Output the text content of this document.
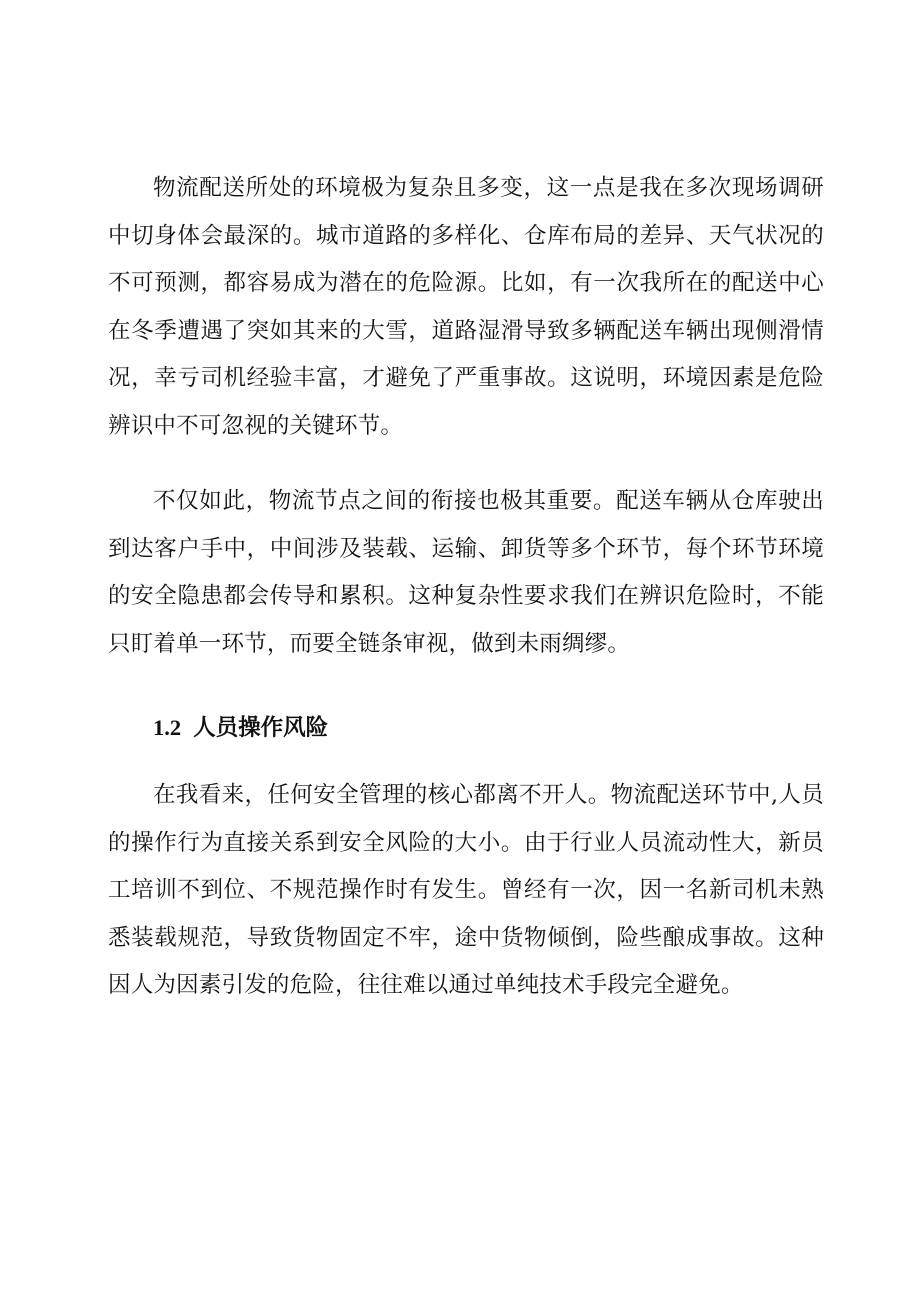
物流配送所处的环境极为复杂且多变，这一点是我在多次现场调研中切身体会最深的。城市道路的多样化、仓库布局的差异、天气状况的不可预测，都容易成为潜在的危险源。比如，有一次我所在的配送中心在冬季遭遇了突如其来的大雪，道路湿滑导致多辆配送车辆出现侧滑情况，幸亏司机经验丰富，才避免了严重事故。这说明，环境因素是危险辨识中不可忽视的关键环节。

不仅如此，物流节点之间的衔接也极其重要。配送车辆从仓库驶出到达客户手中，中间涉及装载、运输、卸货等多个环节，每个环节环境的安全隐患都会传导和累积。这种复杂性要求我们在辨识危险时，不能只盯着单一环节，而要全链条审视，做到未雨绸缪。

1.2 人员操作风险

在我看来，任何安全管理的核心都离不开人。物流配送环节中,人员的操作行为直接关系到安全风险的大小。由于行业人员流动性大，新员工培训不到位、不规范操作时有发生。曾经有一次，因一名新司机未熟悉装载规范，导致货物固定不牢，途中货物倾倒，险些酿成事故。这种因人为因素引发的危险，往往难以通过单纯技术手段完全避免。
